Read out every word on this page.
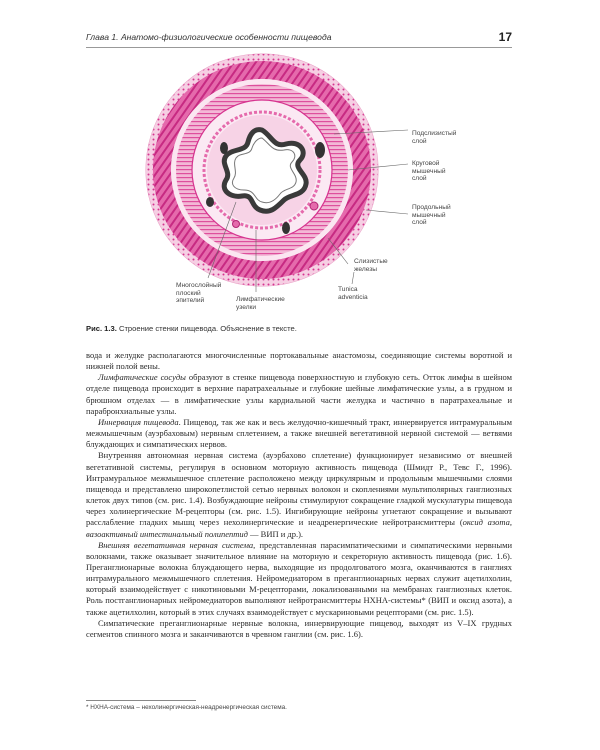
Глава 1. Анатомо-физиологические особенности пищевода	17
Подслизистый
слой
Круговой
мышечный
слой
Продольный
мышечный
слой
Слизистые
железы
Tunica
adventicia
Лимфатические
узелки
Многослойный
плоский
эпителий
Рис. 1.3. Строение стенки пищевода. Объяснение в тексте.

вода и желудке располагаются многочисленные портокавальные анастомозы, соединяющие системы воротной и нижней полой вены.

Лимфатические сосуды образуют в стенке пищевода поверхностную и глубокую сеть. Отток лимфы в шейном отделе пищевода происходит в верхние паратрахеальные и глубокие шейные лимфатические узлы, а в грудном и брюшном отделах — в лимфатические узлы кардиальной части желудка и частично в паратрахеальные и парабронхиальные узлы.

Иннервация пищевода. Пищевод, так же как и весь желудочно-кишечный тракт, иннервируется интрамуральным межмышечным (ауэрбаховым) нервным сплетением, а также внешней вегетативной нервной системой — ветвями блуждающих и симпатических нервов.

Внутренняя автономная нервная система (ауэрбахово сплетение) функционирует независимо от внешней вегетативной системы, регулируя в основном моторную активность пищевода (Шмидт Р., Тевс Г., 1996). Интрамуральное межмышечное сплетение расположено между циркулярным и продольным мышечными слоями пищевода и представлено широкопетлистой сетью нервных волокон и скоплениями мультиполярных ганглиозных клеток двух типов (см. рис. 1.4). Возбуждающие нейроны стимулируют сокращение гладкой мускулатуры пищевода через холинергические М-рецепторы (см. рис. 1.5). Ингибирующие нейроны угнетают сокращение и вызывают расслабление гладких мышц через нехолинергические и неадренергические нейротрансмиттеры (оксид азота, вазоактивный интестинальный полипептид — ВИП и др.).

Внешняя вегетативная нервная система, представленная парасимпатическими и симпатическими нервными волокнами, также оказывает значительное влияние на моторную и секреторную активность пищевода (рис. 1.6). Преганглионарные волокна блуждающего нерва, выходящие из продолговатого мозга, оканчиваются в ганглиях интрамурального межмышечного сплетения. Нейромедиатором в преганглионарных нервах служит ацетилхолин, который взаимодействует с никотиновыми М-рецепторами, локализованными на мембранах ганглиозных клеток. Роль постганглионарных нейромедиаторов выполняют нейротрансмиттеры НХНА-системы* (ВИП и оксид азота), а также ацетилхолин, который в этих случаях взаимодействует с мускариновыми рецепторами (см. рис. 1.5).

Симпатические преганглионарные нервные волокна, иннервирующие пищевод, выходят из V–IX грудных сегментов спинного мозга и заканчиваются в чревном ганглии (см. рис. 1.6).

* НХНА-система – нехолинергическая-неадренергическая система.
